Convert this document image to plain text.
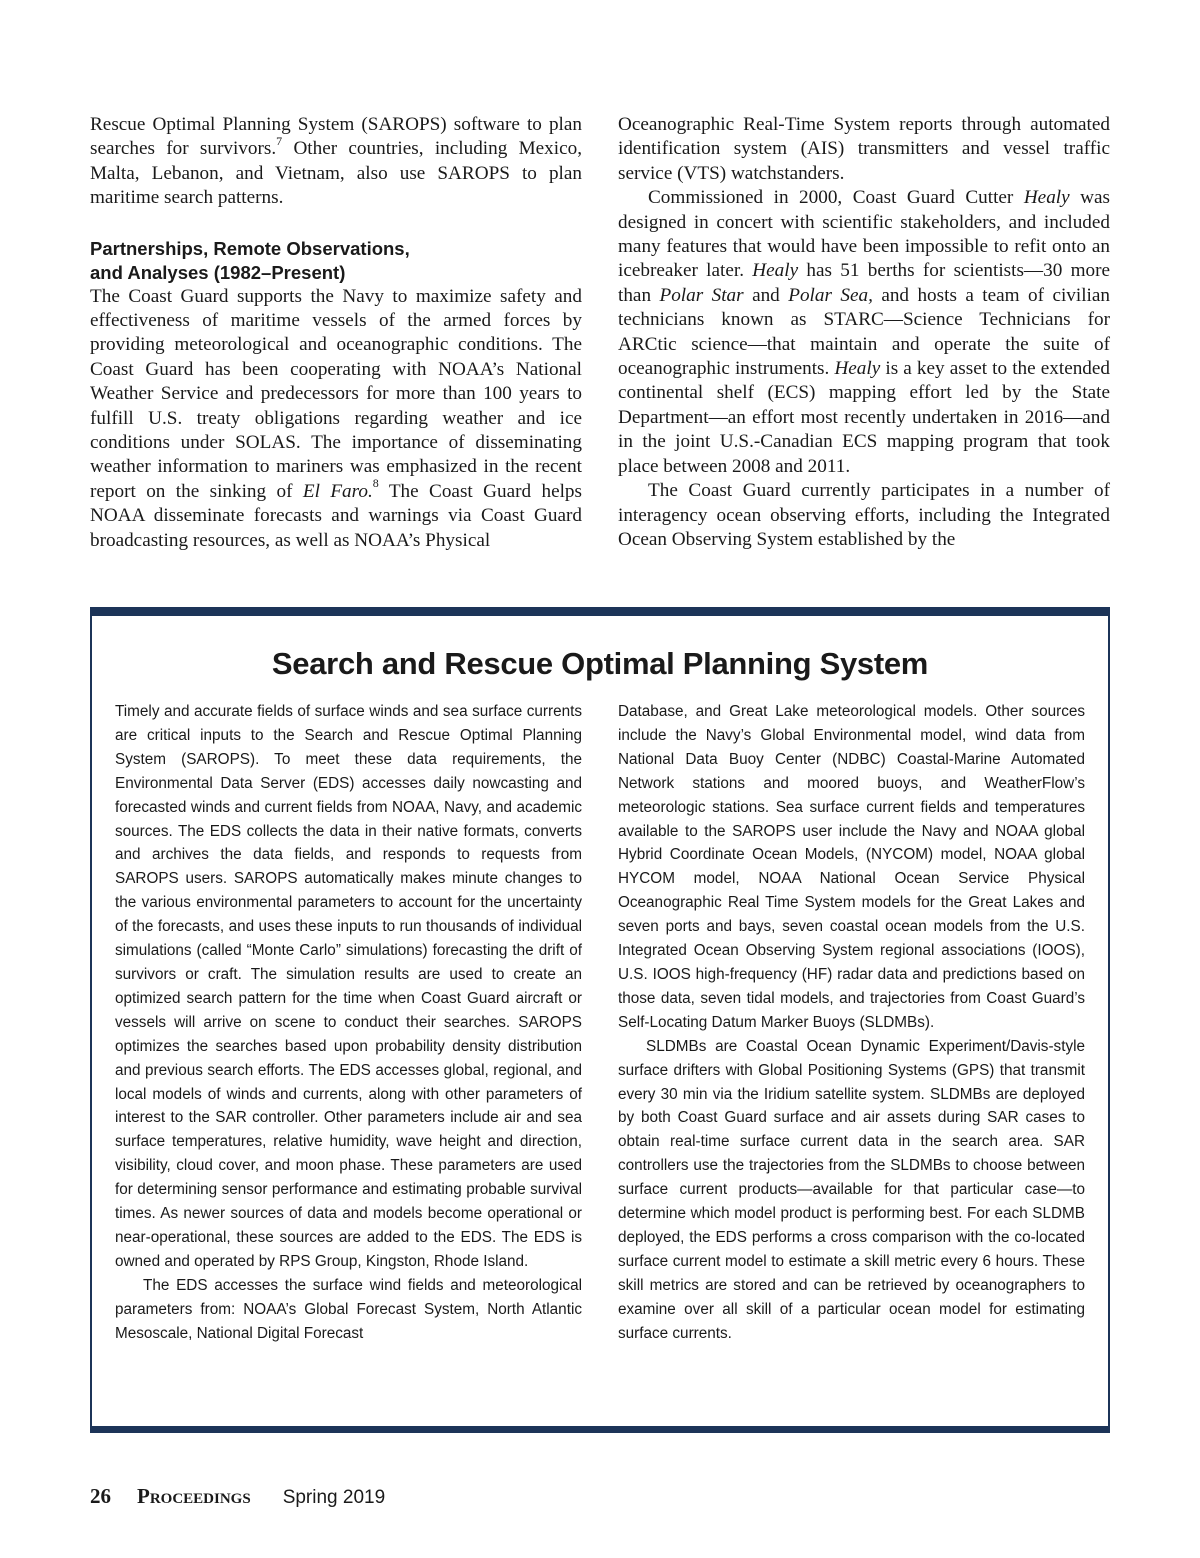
Rescue Optimal Planning System (SAROPS) software to plan searches for survivors.$^7$ Other countries, including Mexico, Malta, Lebanon, and Vietnam, also use SAROPS to plan maritime search patterns.

Partnerships, Remote Observations,
and Analyses (1982–Present)

The Coast Guard supports the Navy to maximize safety and effectiveness of maritime vessels of the armed forces by providing meteorological and oceanographic conditions. The Coast Guard has been cooperating with NOAA’s National Weather Service and predecessors for more than 100 years to fulfill U.S. treaty obligations regarding weather and ice conditions under SOLAS. The importance of disseminating weather information to mariners was emphasized in the recent report on the sinking of El Faro.$^8$ The Coast Guard helps NOAA disseminate forecasts and warnings via Coast Guard broadcasting resources, as well as NOAA’s Physical

Oceanographic Real-Time System reports through automated identification system (AIS) transmitters and vessel traffic service (VTS) watchstanders.

Commissioned in 2000, Coast Guard Cutter Healy was designed in concert with scientific stakeholders, and included many features that would have been impossible to refit onto an icebreaker later. Healy has 51 berths for scientists—30 more than Polar Star and Polar Sea, and hosts a team of civilian technicians known as STARC—Science Technicians for ARCtic science—that maintain and operate the suite of oceanographic instruments. Healy is a key asset to the extended continental shelf (ECS) mapping effort led by the State Department—an effort most recently undertaken in 2016—and in the joint U.S.-Canadian ECS mapping program that took place between 2008 and 2011.

The Coast Guard currently participates in a number of interagency ocean observing efforts, including the Integrated Ocean Observing System established by the

Search and Rescue Optimal Planning System

Timely and accurate fields of surface winds and sea surface currents are critical inputs to the Search and Rescue Optimal Planning System (SAROPS). To meet these data requirements, the Environmental Data Server (EDS) accesses daily nowcasting and forecasted winds and current fields from NOAA, Navy, and academic sources. The EDS collects the data in their native formats, converts and archives the data fields, and responds to requests from SAROPS users. SAROPS automatically makes minute changes to the various environmental parameters to account for the uncertainty of the forecasts, and uses these inputs to run thousands of individual simulations (called “Monte Carlo” simulations) forecasting the drift of survivors or craft. The simulation results are used to create an optimized search pattern for the time when Coast Guard aircraft or vessels will arrive on scene to conduct their searches. SAROPS optimizes the searches based upon probability density distribution and previous search efforts. The EDS accesses global, regional, and local models of winds and currents, along with other parameters of interest to the SAR controller. Other parameters include air and sea surface temperatures, relative humidity, wave height and direction, visibility, cloud cover, and moon phase. These parameters are used for determining sensor performance and estimating probable survival times. As newer sources of data and models become operational or near-operational, these sources are added to the EDS. The EDS is owned and operated by RPS Group, Kingston, Rhode Island.

The EDS accesses the surface wind fields and meteorological parameters from: NOAA’s Global Forecast System, North Atlantic Mesoscale, National Digital Forecast

Database, and Great Lake meteorological models. Other sources include the Navy’s Global Environmental model, wind data from National Data Buoy Center (NDBC) Coastal-Marine Automated Network stations and moored buoys, and WeatherFlow’s meteorologic stations. Sea surface current fields and temperatures available to the SAROPS user include the Navy and NOAA global Hybrid Coordinate Ocean Models, (NYCOM) model, NOAA global HYCOM model, NOAA National Ocean Service Physical Oceanographic Real Time System models for the Great Lakes and seven ports and bays, seven coastal ocean models from the U.S. Integrated Ocean Observing System regional associations (IOOS), U.S. IOOS high-frequency (HF) radar data and predictions based on those data, seven tidal models, and trajectories from Coast Guard’s Self-Locating Datum Marker Buoys (SLDMBs).

SLDMBs are Coastal Ocean Dynamic Experiment/Davis-style surface drifters with Global Positioning Systems (GPS) that transmit every 30 min via the Iridium satellite system. SLDMBs are deployed by both Coast Guard surface and air assets during SAR cases to obtain real-time surface current data in the search area. SAR controllers use the trajectories from the SLDMBs to choose between surface current products—available for that particular case—to determine which model product is performing best. For each SLDMB deployed, the EDS performs a cross comparison with the co-located surface current model to estimate a skill metric every 6 hours. These skill metrics are stored and can be retrieved by oceanographers to examine over all skill of a particular ocean model for estimating surface currents.

26 Proceedings Spring 2019
